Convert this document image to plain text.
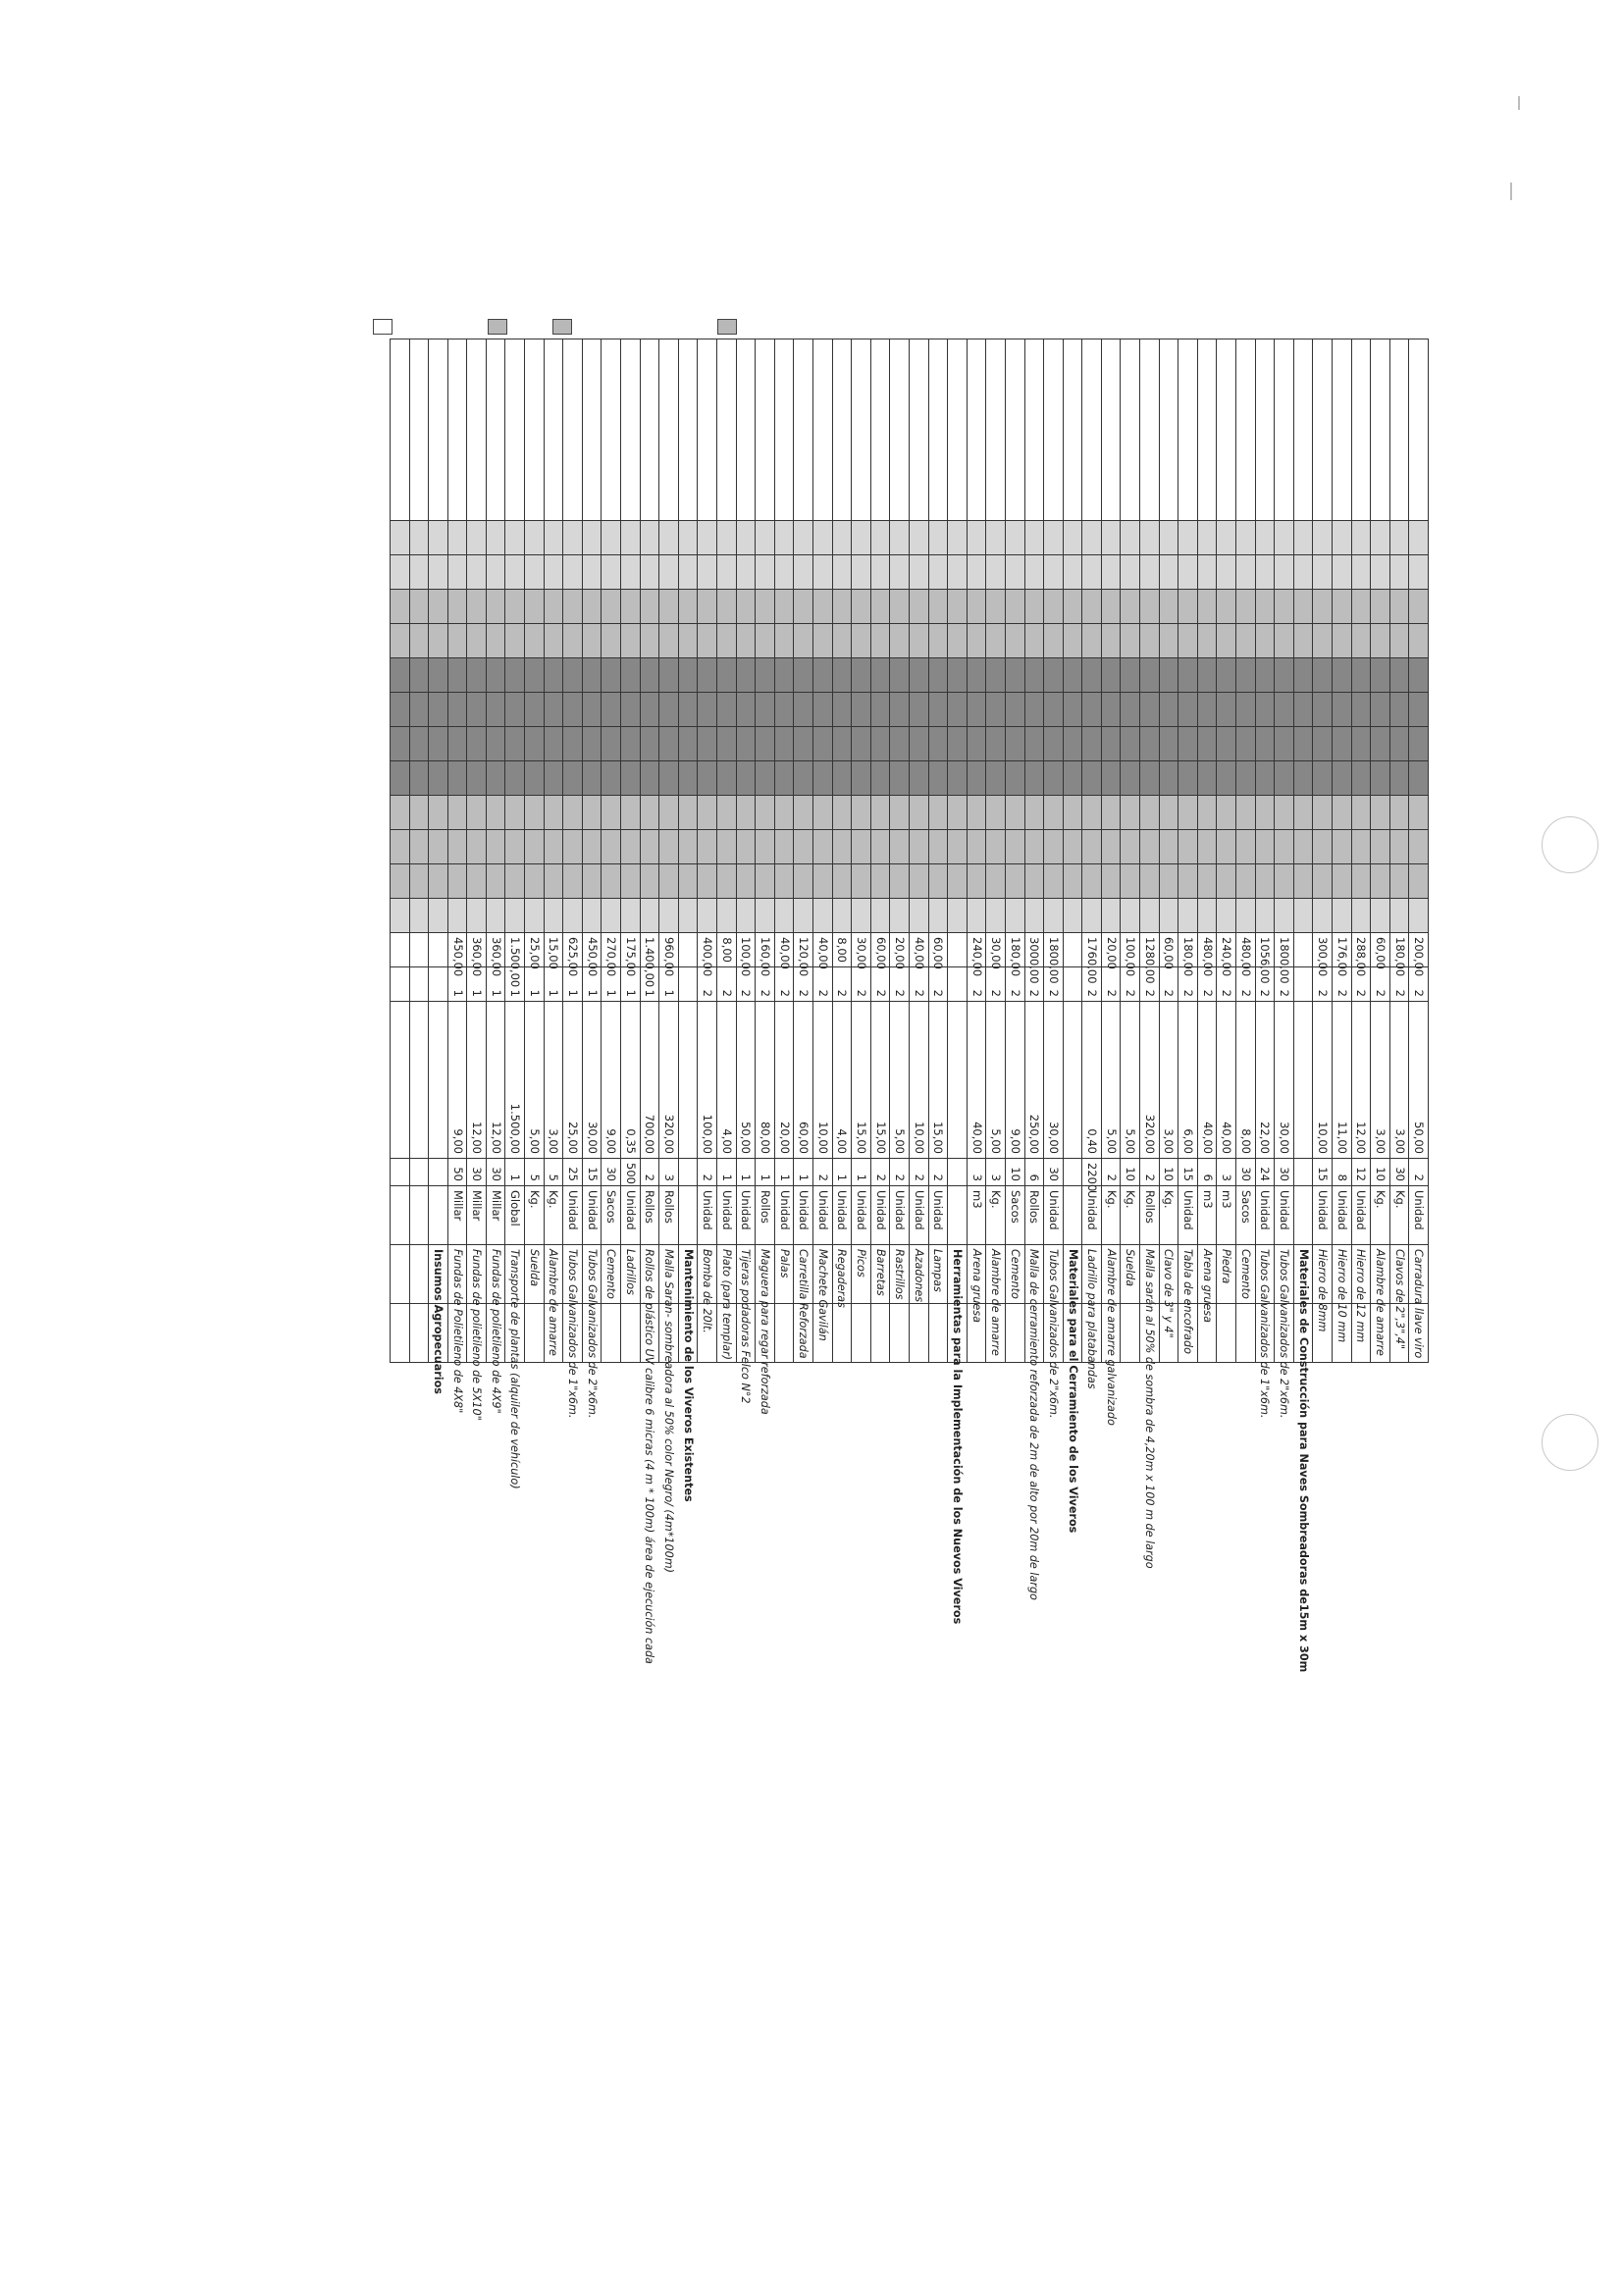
													200,00	2	50,00	2	Unidad	Carradura llave viro	
													180,00	2	3,00	30	Kg.	Clavos de 2",3",4"	
													60,00	2	3,00	10	Kg.	Alambre de amarre	
													288,00	2	12,00	12	Unidad	Hierro de 12 mm	
													176,00	2	11,00	8	Unidad	Hierro de 10 mm	
													300,00	2	10,00	15	Unidad	Hierro de 8mm	
																		Materiales de Construcción para Naves Sombreadoras de15m x 30m	
													1800,00	2	30,00	30	Unidad	Tubos Galvanizados de 2"x6m.	
													1056,00	2	22,00	24	Unidad	Tubos Galvanizados de 1"x6m.	
													480,00	2	8,00	30	Sacos	Cemento	
													240,00	2	40,00	3	m3	Piedra	
													480,00	2	40,00	6	m3	Arena gruesa	
													180,00	2	6,00	15	Unidad	Tabla de encofrado	
													60,00	2	3,00	10	Kg.	Clavo de 3" y 4"	
													1280,00	2	320,00	2	Rollos	Malla sarán al 50% de sombra de 4,20m x 100 m de largo	
													100,00	2	5,00	10	Kg.	Suelda	
													20,00	2	5,00	2	Kg.	Alambre de amarre galvanizado	
													1760,00	2	0,40	2200	Unidad	Ladrillo para platabandas	
																		Materiales para el Cerramiento de los Viveros	
													1800,00	2	30,00	30	Unidad	Tubos Galvanizados de 2"x6m.	
													3000,00	2	250,00	6	Rollos	Malla de cerramiento reforzada de 2m de alto por 20m de largo	
													180,00	2	9,00	10	Sacos	Cemento	
													30,00	2	5,00	3	Kg.	Alambre de amarre	
													240,00	2	40,00	3	m3	Arena gruesa	
																		Herramientas para la Implementación de los Nuevos Viveros	
													60,00	2	15,00	2	Unidad	Lampas	
													40,00	2	10,00	2	Unidad	Azadones	
													20,00	2	5,00	2	Unidad	Rastrillos	
													60,00	2	15,00	2	Unidad	Barretas	
													30,00	2	15,00	1	Unidad	Picos	
													8,00	2	4,00	1	Unidad	Regaderas	
													40,00	2	10,00	2	Unidad	Machete Gavilán	
													120,00	2	60,00	1	Unidad	Carretilla Reforzada	
													40,00	2	20,00	1	Unidad	Palas	
													160,00	2	80,00	1	Rollos	Maguera para regar reforzada	
													100,00	2	50,00	1	Unidad	Tijeras podadoras Felco N°2	
													8,00	2	4,00	1	Unidad	Plato (para templar)	
													400,00	2	100,00	2	Unidad	Bomba de 20lt.	
																		Mantenimiento de los Viveros Existentes	
													960,00	1	320,00	3	Rollos	Malla Saran- sombreadora al 50% color Negro/ (4m*100m)	
													1.400,00	1	700,00	2	Rollos	Rollos de plástico UV calibre 6 micras (4 m * 100m) área de ejecución cada	
													175,00	1	0,35	500	Unidad	Ladrillos	
													270,00	1	9,00	30	Sacos	Cemento	
													450,00	1	30,00	15	Unidad	Tubos Galvanizados de 2"x6m.	
													625,00	1	25,00	25	Unidad	Tubos Galvanizados de 1"x6m.	
													15,00	1	3,00	5	Kg.	Alambre de amarre	
													25,00	1	5,00	5	Kg.	Suelda	
													1.500,00	1	1.500,00	1	Global	Transporte de plantas (alquiler de vehículo)	
													360,00	1	12,00	30	Millar	Fundas de polietileno de 4X9"	
													360,00	1	12,00	30	Millar	Fundas de polietileno de 5X10"	
													450,00	1	9,00	50	Millar	Fundas de Polietileno de 4X8"	
																		Insumos Agropecuarios	
